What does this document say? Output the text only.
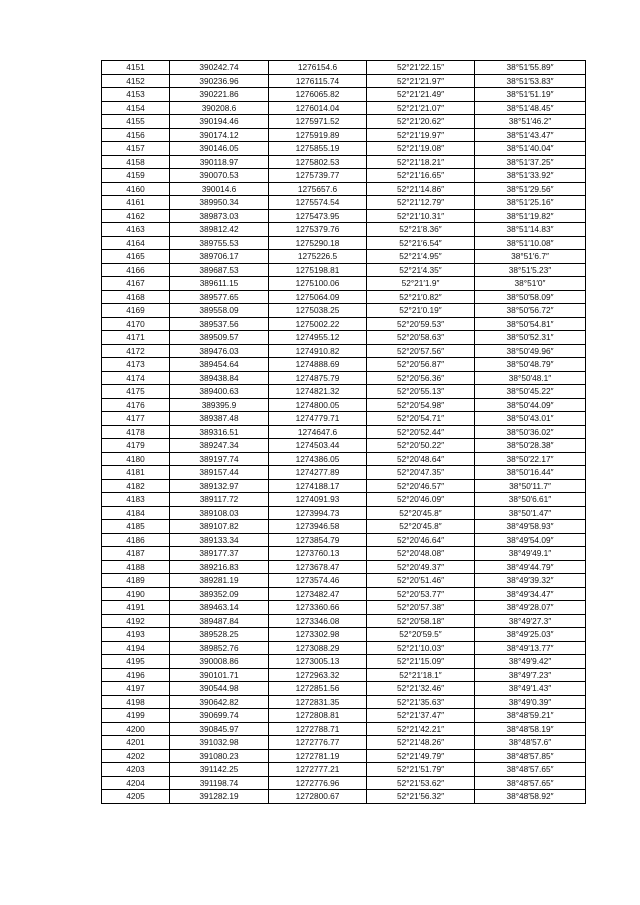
4151	390242.74	1276154.6	52°21′22.15″	38°51′55.89″
4152	390236.96	1276115.74	52°21′21.97″	38°51′53.83″
4153	390221.86	1276065.82	52°21′21.49″	38°51′51.19″
4154	390208.6	1276014.04	52°21′21.07″	38°51′48.45″
4155	390194.46	1275971.52	52°21′20.62″	38°51′46.2″
4156	390174.12	1275919.89	52°21′19.97″	38°51′43.47″
4157	390146.05	1275855.19	52°21′19.08″	38°51′40.04″
4158	390118.97	1275802.53	52°21′18.21″	38°51′37.25″
4159	390070.53	1275739.77	52°21′16.65″	38°51′33.92″
4160	390014.6	1275657.6	52°21′14.86″	38°51′29.56″
4161	389950.34	1275574.54	52°21′12.79″	38°51′25.16″
4162	389873.03	1275473.95	52°21′10.31″	38°51′19.82″
4163	389812.42	1275379.76	52°21′8.36″	38°51′14.83″
4164	389755.53	1275290.18	52°21′6.54″	38°51′10.08″
4165	389706.17	1275226.5	52°21′4.95″	38°51′6.7″
4166	389687.53	1275198.81	52°21′4.35″	38°51′5.23″
4167	389611.15	1275100.06	52°21′1.9″	38°51′0″
4168	389577.65	1275064.09	52°21′0.82″	38°50′58.09″
4169	389558.09	1275038.25	52°21′0.19″	38°50′56.72″
4170	389537.56	1275002.22	52°20′59.53″	38°50′54.81″
4171	389509.57	1274955.12	52°20′58.63″	38°50′52.31″
4172	389476.03	1274910.82	52°20′57.56″	38°50′49.96″
4173	389454.64	1274888.69	52°20′56.87″	38°50′48.79″
4174	389438.84	1274875.79	52°20′56.36″	38°50′48.1″
4175	389400.63	1274821.32	52°20′55.13″	38°50′45.22″
4176	389395.9	1274800.05	52°20′54.98″	38°50′44.09″
4177	389387.48	1274779.71	52°20′54.71″	38°50′43.01″
4178	389316.51	1274647.6	52°20′52.44″	38°50′36.02″
4179	389247.34	1274503.44	52°20′50.22″	38°50′28.38″
4180	389197.74	1274386.05	52°20′48.64″	38°50′22.17″
4181	389157.44	1274277.89	52°20′47.35″	38°50′16.44″
4182	389132.97	1274188.17	52°20′46.57″	38°50′11.7″
4183	389117.72	1274091.93	52°20′46.09″	38°50′6.61″
4184	389108.03	1273994.73	52°20′45.8″	38°50′1.47″
4185	389107.82	1273946.58	52°20′45.8″	38°49′58.93″
4186	389133.34	1273854.79	52°20′46.64″	38°49′54.09″
4187	389177.37	1273760.13	52°20′48.08″	38°49′49.1″
4188	389216.83	1273678.47	52°20′49.37″	38°49′44.79″
4189	389281.19	1273574.46	52°20′51.46″	38°49′39.32″
4190	389352.09	1273482.47	52°20′53.77″	38°49′34.47″
4191	389463.14	1273360.66	52°20′57.38″	38°49′28.07″
4192	389487.84	1273346.08	52°20′58.18″	38°49′27.3″
4193	389528.25	1273302.98	52°20′59.5″	38°49′25.03″
4194	389852.76	1273088.29	52°21′10.03″	38°49′13.77″
4195	390008.86	1273005.13	52°21′15.09″	38°49′9.42″
4196	390101.71	1272963.32	52°21′18.1″	38°49′7.23″
4197	390544.98	1272851.56	52°21′32.46″	38°49′1.43″
4198	390642.82	1272831.35	52°21′35.63″	38°49′0.39″
4199	390699.74	1272808.81	52°21′37.47″	38°48′59.21″
4200	390845.97	1272788.71	52°21′42.21″	38°48′58.19″
4201	391032.98	1272776.77	52°21′48.26″	38°48′57.6″
4202	391080.23	1272781.19	52°21′49.79″	38°48′57.85″
4203	391142.25	1272777.21	52°21′51.79″	38°48′57.65″
4204	391198.74	1272776.96	52°21′53.62″	38°48′57.65″
4205	391282.19	1272800.67	52°21′56.32″	38°48′58.92″
